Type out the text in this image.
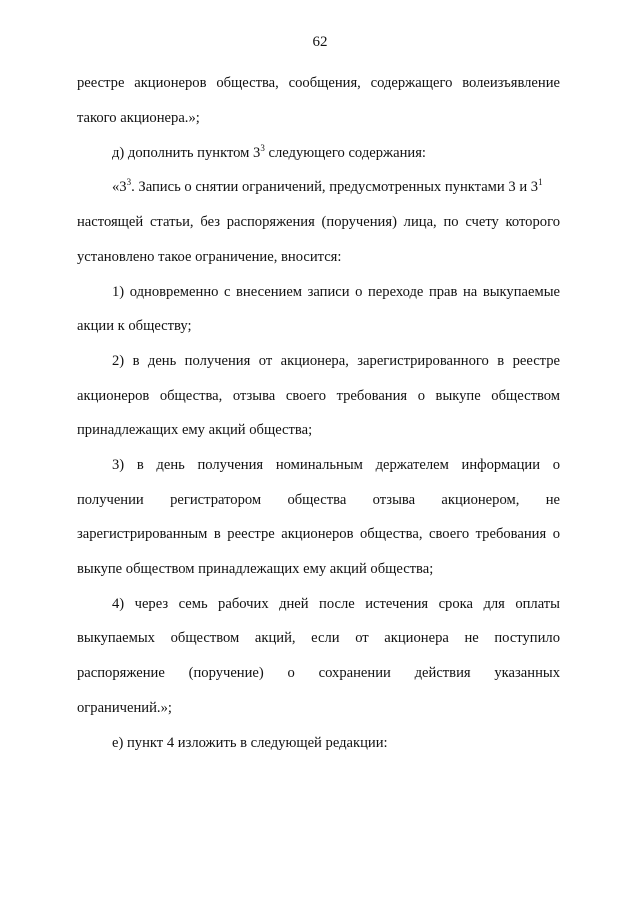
62
реестре акционеров общества, сообщения, содержащего волеизъявление
такого акционера.»;
д) дополнить пунктом $3^3$ следующего содержания:
«$3^3$. Запись о снятии ограничений, предусмотренных пунктами 3 и $3^1$
настоящей статьи, без распоряжения (поручения) лица, по счету которого
установлено такое ограничение, вносится:
1) одновременно с внесением записи о переходе прав на выкупаемые
акции к обществу;
2) в день получения от акционера, зарегистрированного в реестре
акционеров общества, отзыва своего требования о выкупе обществом
принадлежащих ему акций общества;
3) в день получения номинальным держателем информации о
получении регистратором общества отзыва акционером, не
зарегистрированным в реестре акционеров общества, своего требования о
выкупе обществом принадлежащих ему акций общества;
4) через семь рабочих дней после истечения срока для оплаты
выкупаемых обществом акций, если от акционера не поступило
распоряжение (поручение) о сохранении действия указанных
ограничений.»;
е) пункт 4 изложить в следующей редакции:
